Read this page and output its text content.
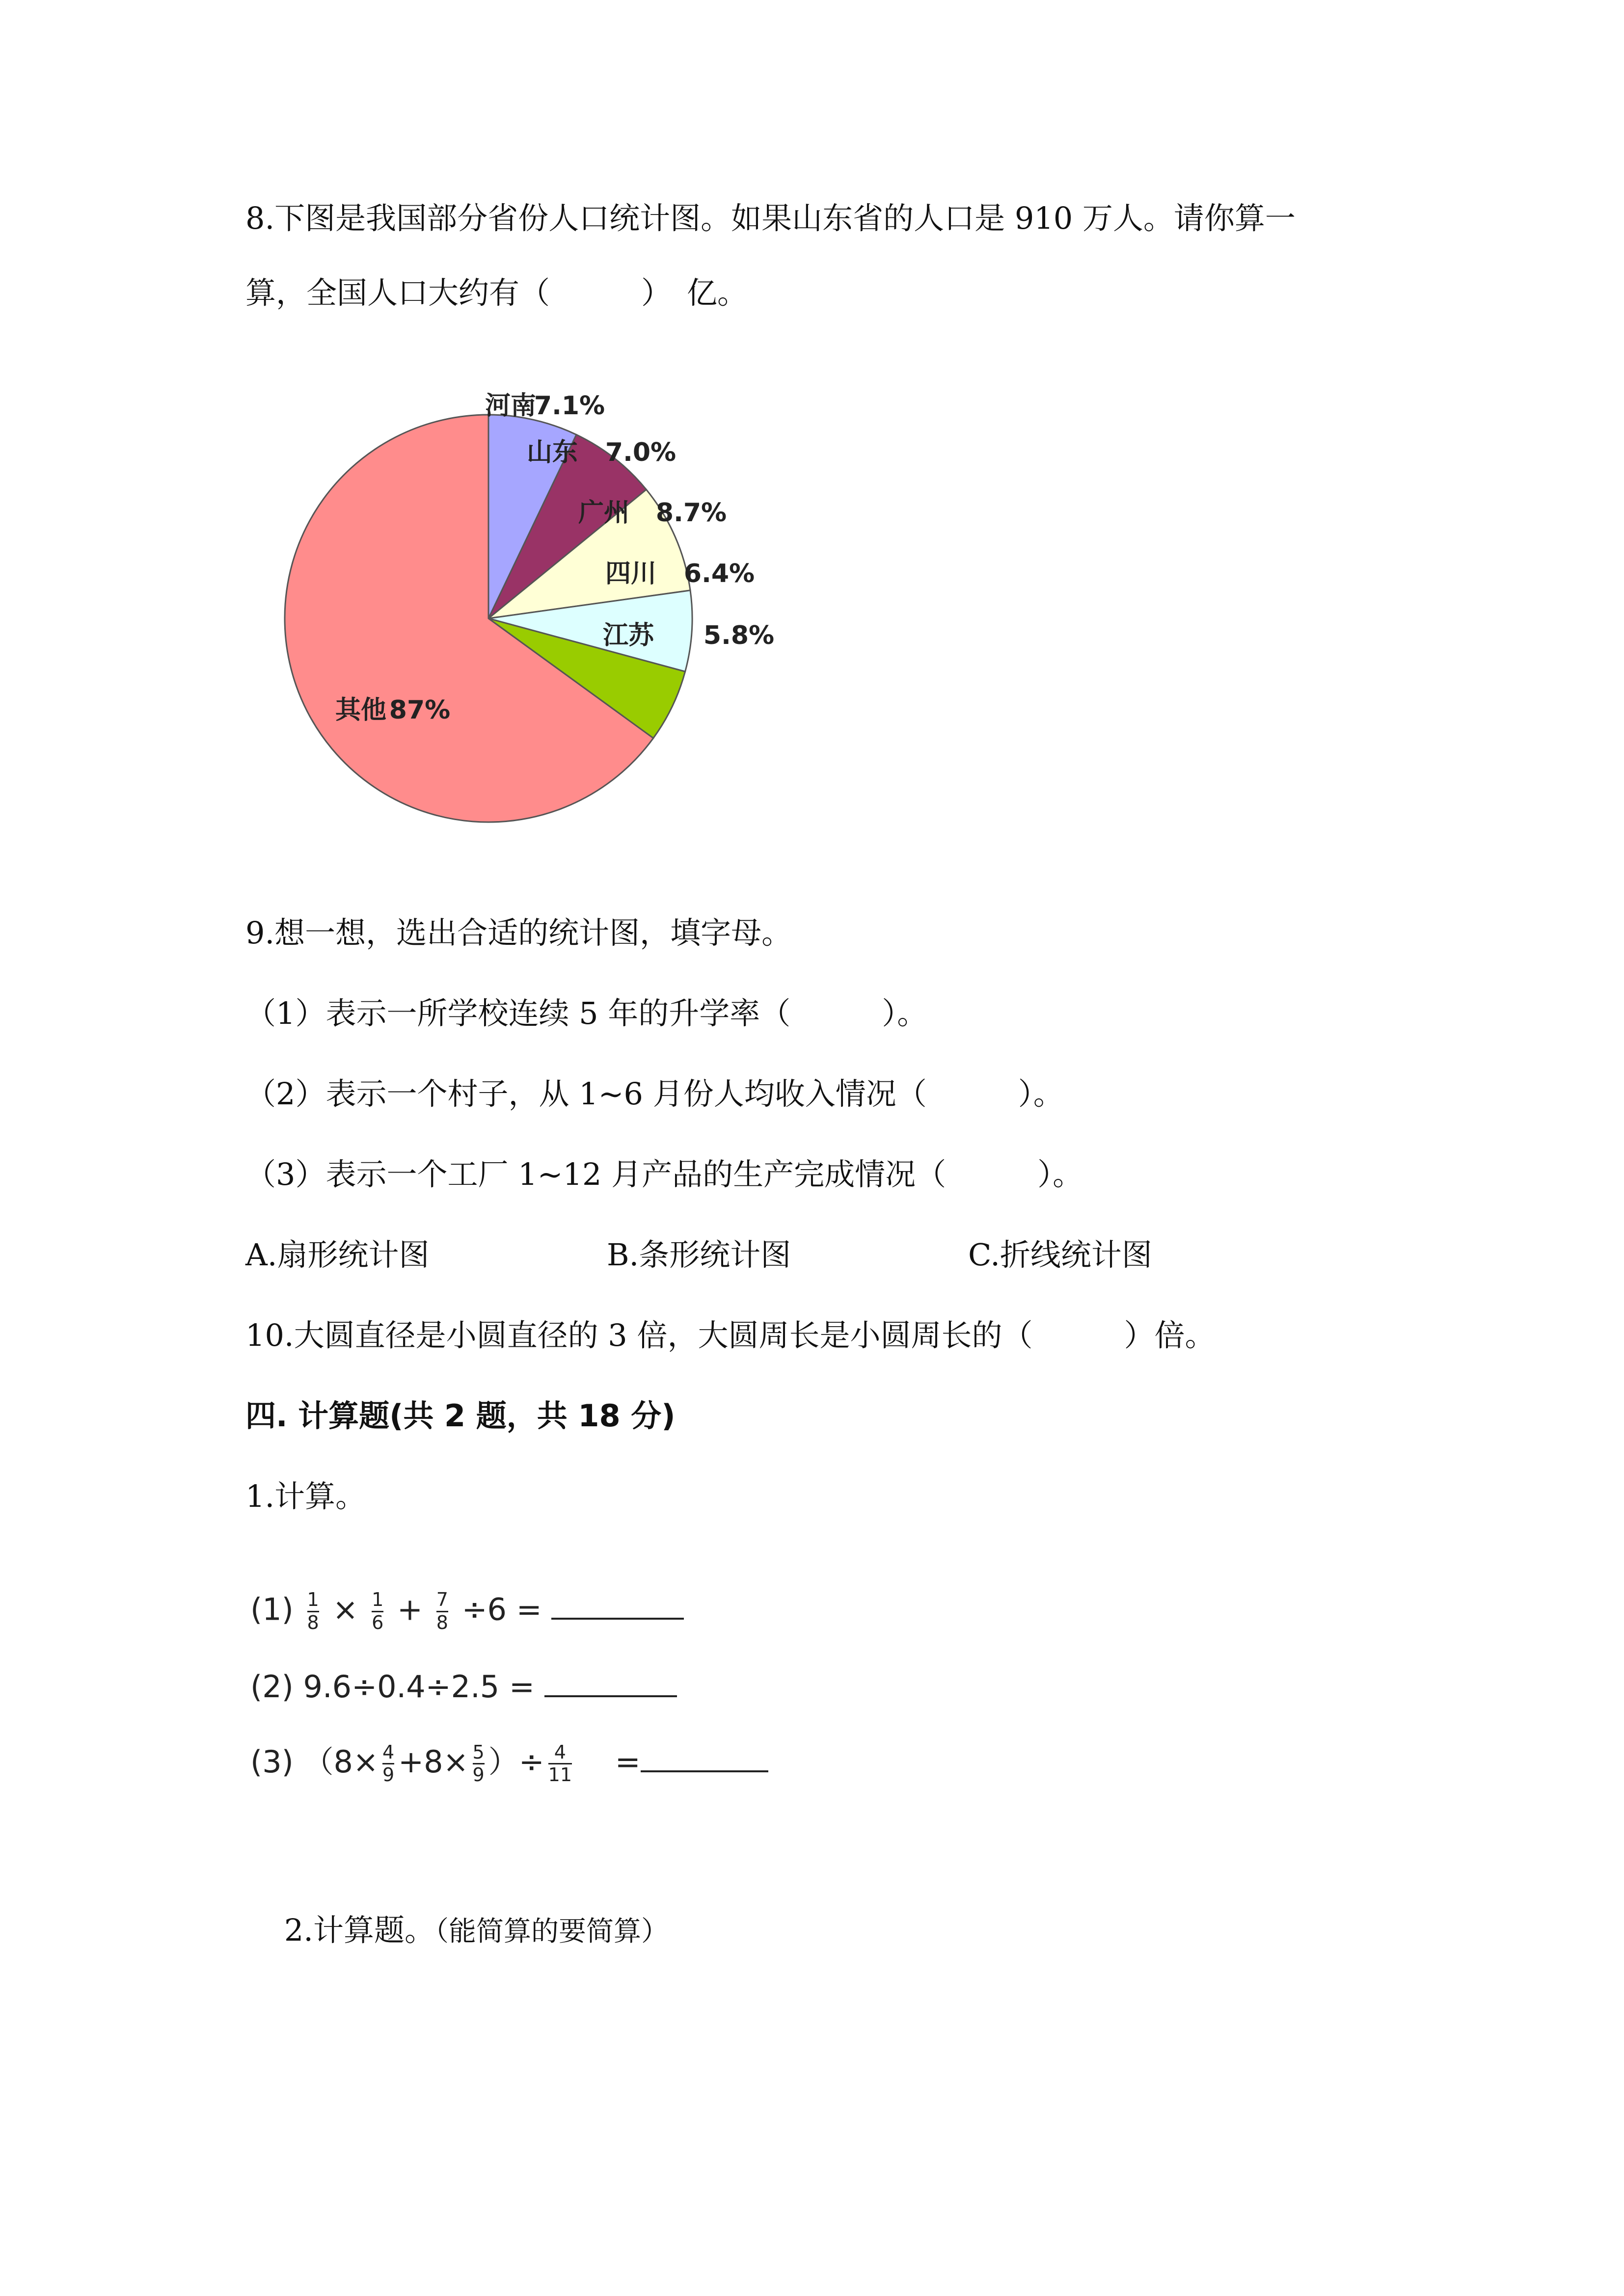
8.下图是我国部分省份人口统计图。如果山东省的人口是 910 万人。请你算一
算，全国人口大约有（　　　）　亿。
河南
7.1%
山东 7.0%
广州 8.7%
四川 6.4%
江苏 5.8%
其他 87%
9.想一想，选出合适的统计图，填字母。
（1）表示一所学校连续 5 年的升学率（　　　）。
（2）表示一个村子，从 1~6 月份人均收入情况（　　　）。
（3）表示一个工厂 1~12 月产品的生产完成情况（　　　）。
A.扇形统计图	B.条形统计图	C.折线统计图
10.大圆直径是小圆直径的 3 倍，大圆周长是小圆周长的（　　　）倍。
四. 计算题(共 2 题，共 18 分)
1.计算。
$(1) \frac{1}{8} \times \frac{1}{6} + \frac{7}{8} \div 6$ =
(2) 9.6÷0.4÷2.5 =
(3) （$8\times \frac{4}{9} +8\times \frac{5}{9}$ ）÷ $\frac{4}{11}$ =

2.计算题。（能简算的要简算）
